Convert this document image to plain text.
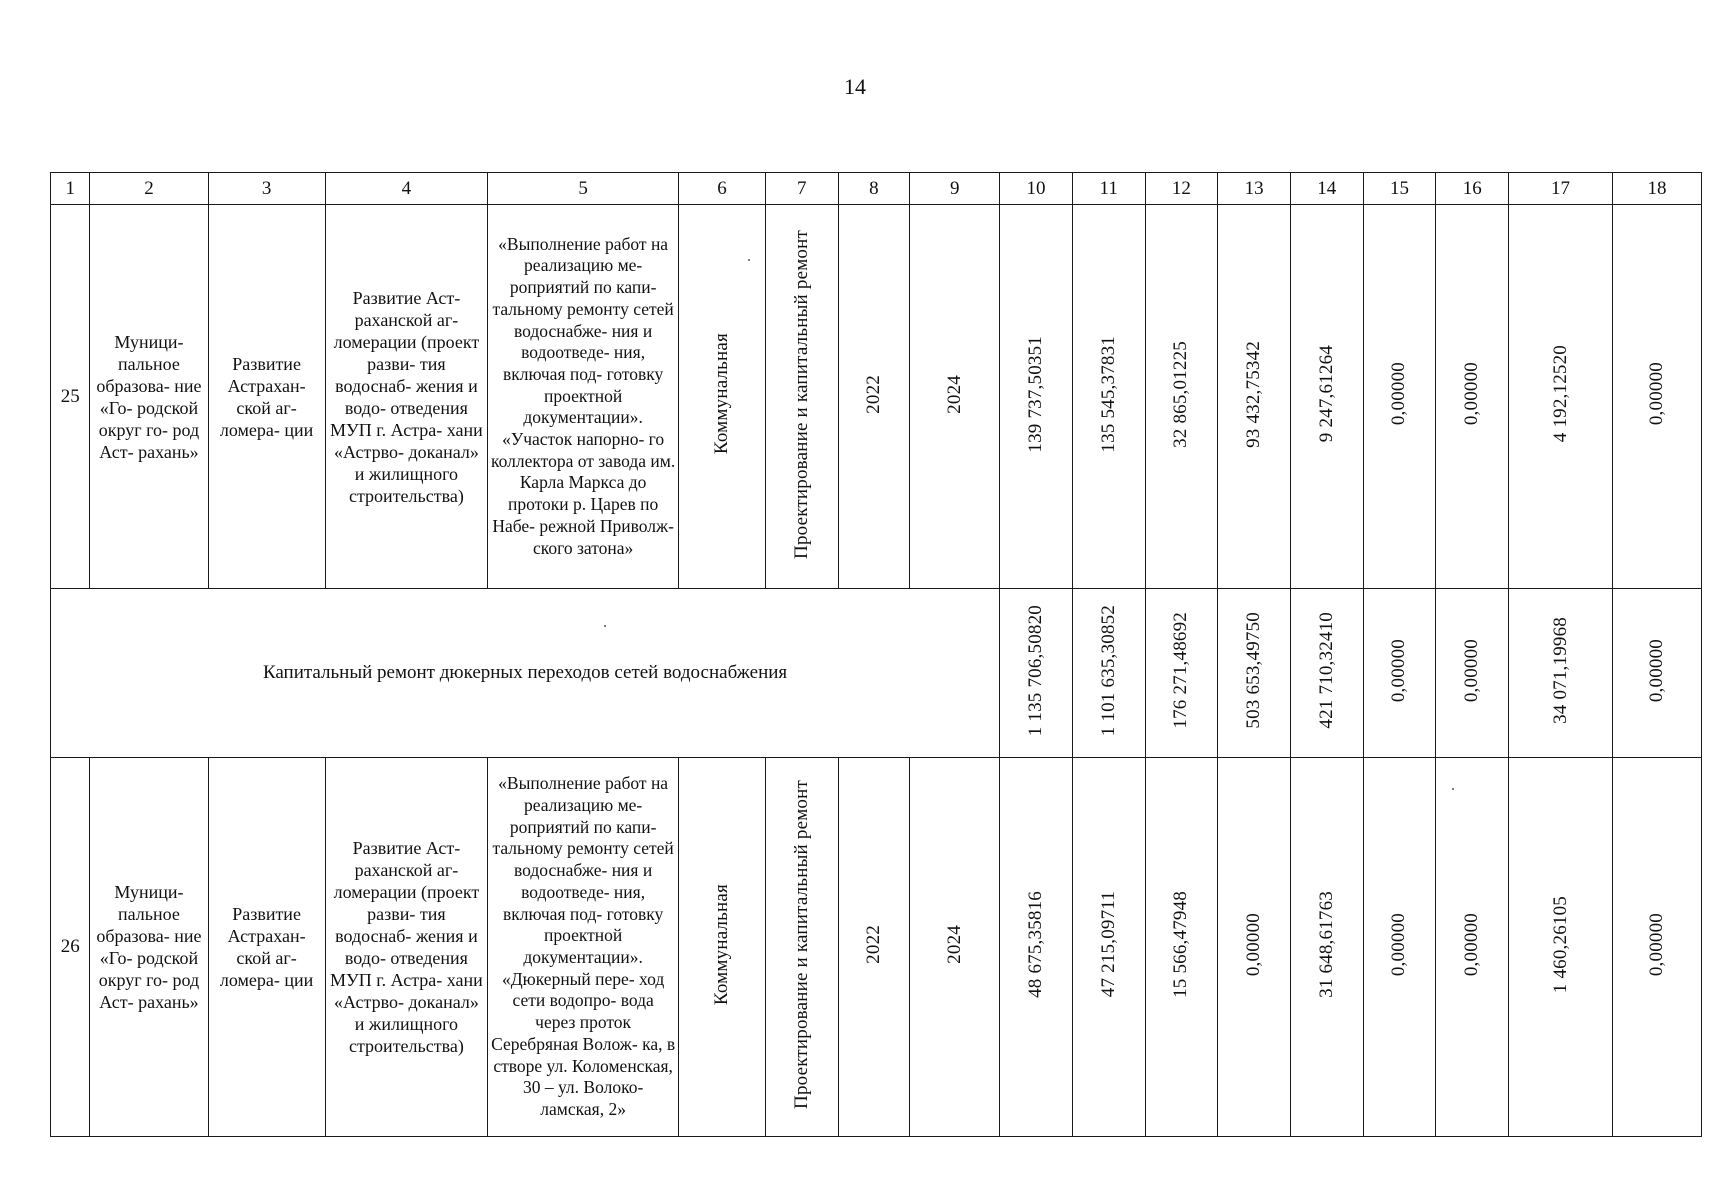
14
1	2	3	4	5	6	7	8	9	10	11	12	13	14	15	16	17	18
25	Муници- пальное образова- ние «Го- родской округ го- род Аст- рахань»	Развитие Астрахан- ской аг- ломера- ции	Развитие Аст- раханской аг- ломерации (проект разви- тия водоснаб- жения и водо- отведения МУП г. Астра- хани «Астрво- доканал» и жилищного строительства)	«Выполнение работ на реализацию ме- роприятий по капи- тальному ремонту сетей водоснабже- ния и водоотведе- ния, включая под- готовку проектной документации». «Участок напорно- го коллектора от завода им. Карла Маркса до протоки р. Царев по Набе- режной Приволж- ского затона»	Коммунальная	Проектирование и капитальный ремонт	2022	2024	139 737,50351	135 545,37831	32 865,01225	93 432,75342	9 247,61264	0,00000	0,00000	4 192,12520	0,00000
Капитальный ремонт дюкерных переходов сетей водоснабжения									1 135 706,50820	1 101 635,30852	176 271,48692	503 653,49750	421 710,32410	0,00000	0,00000	34 071,19968	0,00000
26	Муници- пальное образова- ние «Го- родской округ го- род Аст- рахань»	Развитие Астрахан- ской аг- ломера- ции	Развитие Аст- раханской аг- ломерации (проект разви- тия водоснаб- жения и водо- отведения МУП г. Астра- хани «Астрво- доканал» и жилищного строительства)	«Выполнение работ на реализацию ме- роприятий по капи- тальному ремонту сетей водоснабже- ния и водоотведе- ния, включая под- готовку проектной документации». «Дюкерный пере- ход сети водопро- вода через проток Серебряная Волож- ка, в створе ул. Коломенская, 30 – ул. Волоко- ламская, 2»	Коммунальная	Проектирование и капитальный ремонт	2022	2024	48 675,35816	47 215,09711	15 566,47948	0,00000	31 648,61763	0,00000	0,00000	1 460,26105	0,00000
